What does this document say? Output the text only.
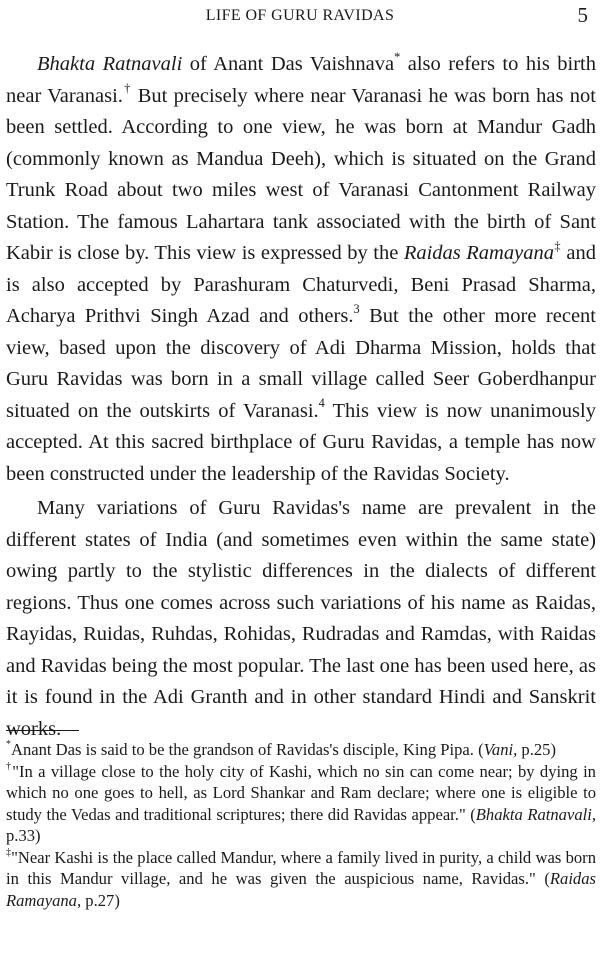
LIFE OF GURU RAVIDAS	5

Bhakta Ratnavali of Anant Das Vaishnava* also refers to his birth near Varanasi.† But precisely where near Varanasi he was born has not been settled. According to one view, he was born at Mandur Gadh (commonly known as Mandua Deeh), which is situated on the Grand Trunk Road about two miles west of Varanasi Cantonment Railway Station. The famous Lahartara tank associated with the birth of Sant Kabir is close by. This view is expressed by the Raidas Ramayana‡ and is also accepted by Parashuram Chaturvedi, Beni Prasad Sharma, Acharya Prithvi Singh Azad and others.$^3$ But the other more recent view, based upon the discovery of Adi Dharma Mission, holds that Guru Ravidas was born in a small village called Seer Goberdhanpur situated on the outskirts of Varanasi.$^4$ This view is now unanimously accepted. At this sacred birthplace of Guru Ravidas, a temple has now been constructed under the leadership of the Ravidas Society.

Many variations of Guru Ravidas's name are prevalent in the different states of India (and sometimes even within the same state) owing partly to the stylistic differences in the dialects of different regions. Thus one comes across such variations of his name as Raidas, Rayidas, Ruidas, Ruhdas, Rohidas, Rudradas and Ramdas, with Raidas and Ravidas being the most popular. The last one has been used here, as it is found in the Adi Granth and in other standard Hindi and Sanskrit works.

*Anant Das is said to be the grandson of Ravidas's disciple, King Pipa. (Vani, p.25)

†"In a village close to the holy city of Kashi, which no sin can come near; by dying in which no one goes to hell, as Lord Shankar and Ram declare; where one is eligible to study the Vedas and traditional scriptures; there did Ravidas appear." (Bhakta Ratnavali, p.33)

‡"Near Kashi is the place called Mandur, where a family lived in purity, a child was born in this Mandur village, and he was given the auspicious name, Ravidas." (Raidas Ramayana, p.27)
